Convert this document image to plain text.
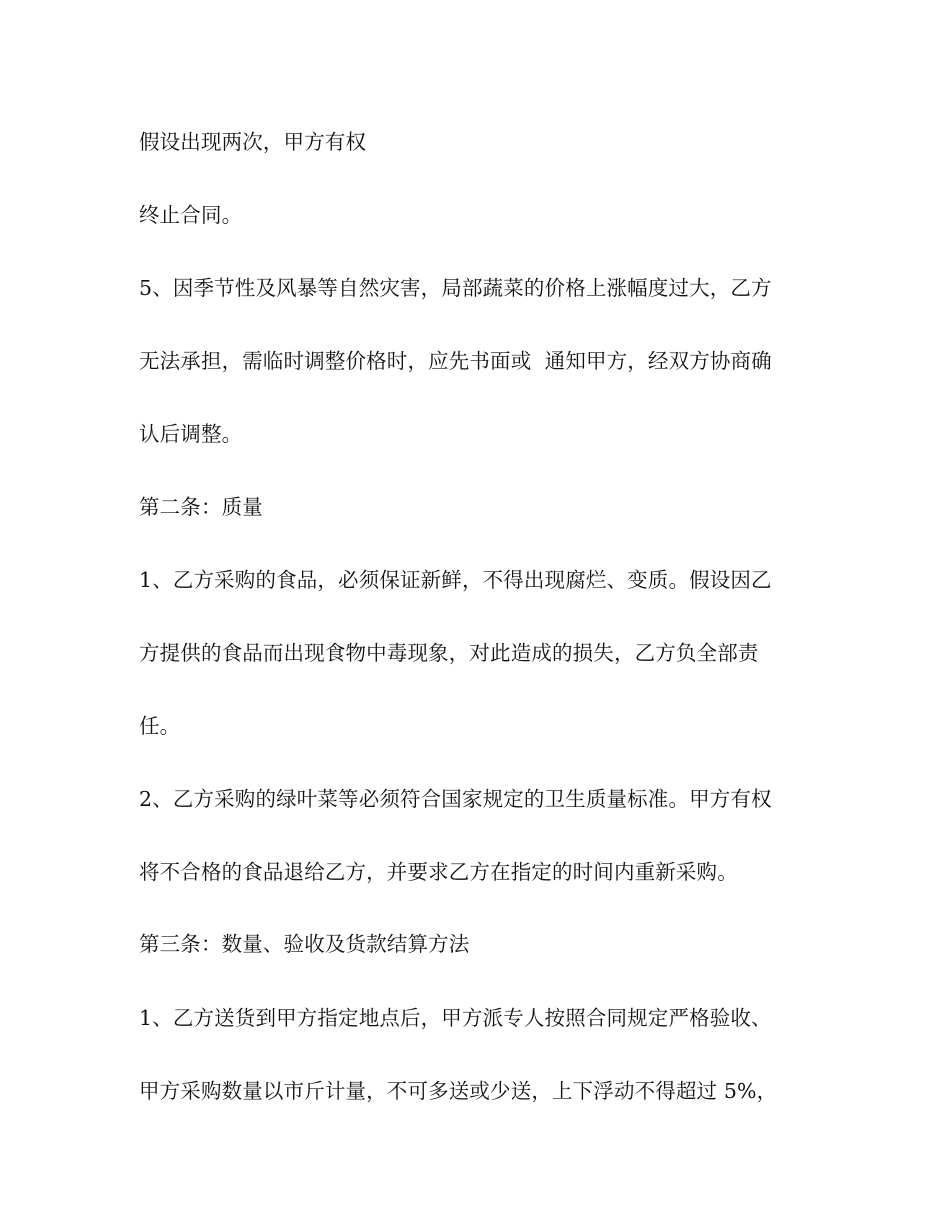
假设出现两次，甲方有权
终止合同。
5、因季节性及风暴等自然灾害，局部蔬菜的价格上涨幅度过大，乙方
无法承担，需临时调整价格时，应先书面或  通知甲方，经双方协商确
认后调整。
第二条：质量
1、乙方采购的食品，必须保证新鲜，不得出现腐烂、变质。假设因乙
方提供的食品而出现食物中毒现象，对此造成的损失，乙方负全部责
任。
2、乙方采购的绿叶菜等必须符合国家规定的卫生质量标准。甲方有权
将不合格的食品退给乙方，并要求乙方在指定的时间内重新采购。
第三条：数量、验收及货款结算方法
1、乙方送货到甲方指定地点后，甲方派专人按照合同规定严格验收、
甲方采购数量以市斤计量，不可多送或少送，上下浮动不得超过 5%，
